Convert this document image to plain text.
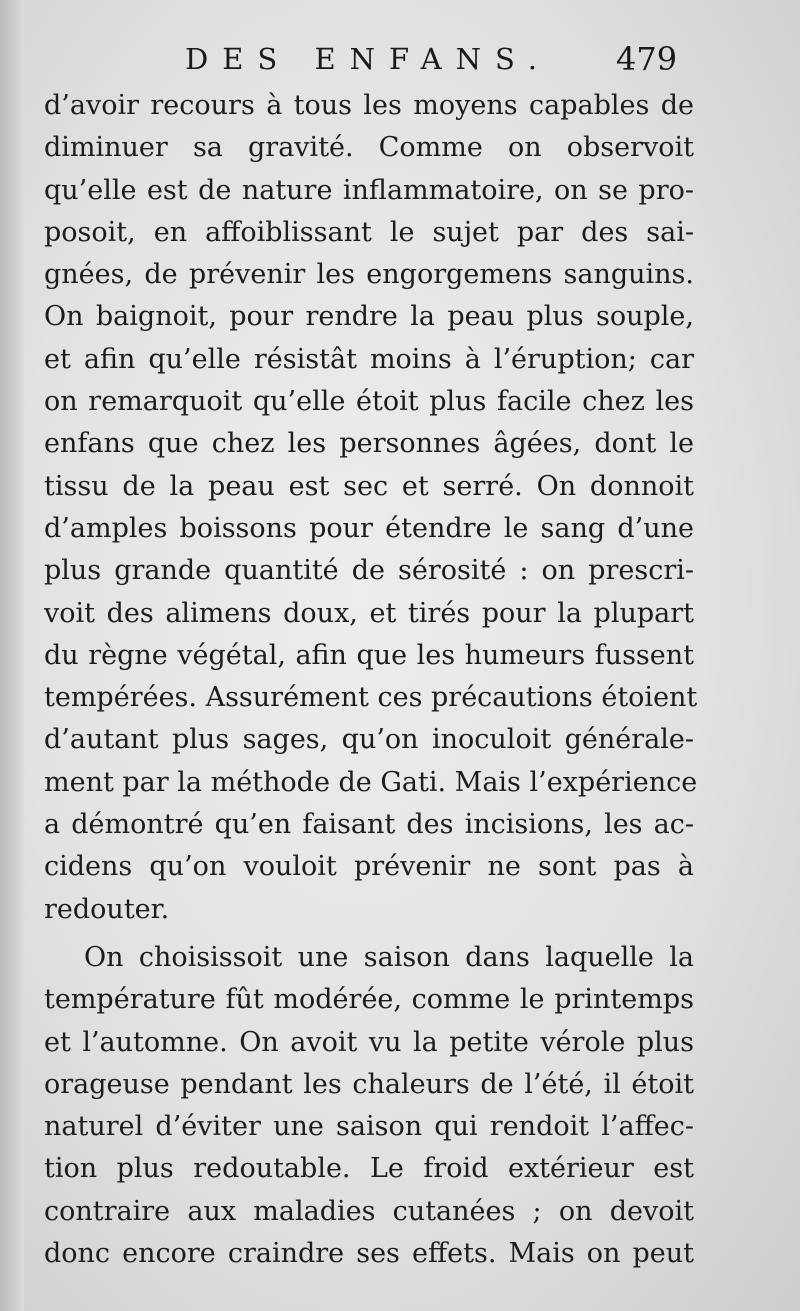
DES ENFANS. 479
d’avoir recours à tous les moyens capables de
diminuer sa gravité. Comme on observoit
qu’elle est de nature inflammatoire, on se pro-
posoit, en affoiblissant le sujet par des sai-
gnées, de prévenir les engorgemens sanguins.
On baignoit, pour rendre la peau plus souple,
et afin qu’elle résistât moins à l’éruption; car
on remarquoit qu’elle étoit plus facile chez les
enfans que chez les personnes âgées, dont le
tissu de la peau est sec et serré. On donnoit
d’amples boissons pour étendre le sang d’une
plus grande quantité de sérosité : on prescri-
voit des alimens doux, et tirés pour la plupart
du règne végétal, afin que les humeurs fussent
tempérées. Assurément ces précautions étoient
d’autant plus sages, qu’on inoculoit générale-
ment par la méthode de Gati. Mais l’expérience
a démontré qu’en faisant des incisions, les ac-
cidens qu’on vouloit prévenir ne sont pas à
redouter.
On choisissoit une saison dans laquelle la
température fût modérée, comme le printemps
et l’automne. On avoit vu la petite vérole plus
orageuse pendant les chaleurs de l’été, il étoit
naturel d’éviter une saison qui rendoit l’affec-
tion plus redoutable. Le froid extérieur est
contraire aux maladies cutanées ; on devoit
donc encore craindre ses effets. Mais on peut
